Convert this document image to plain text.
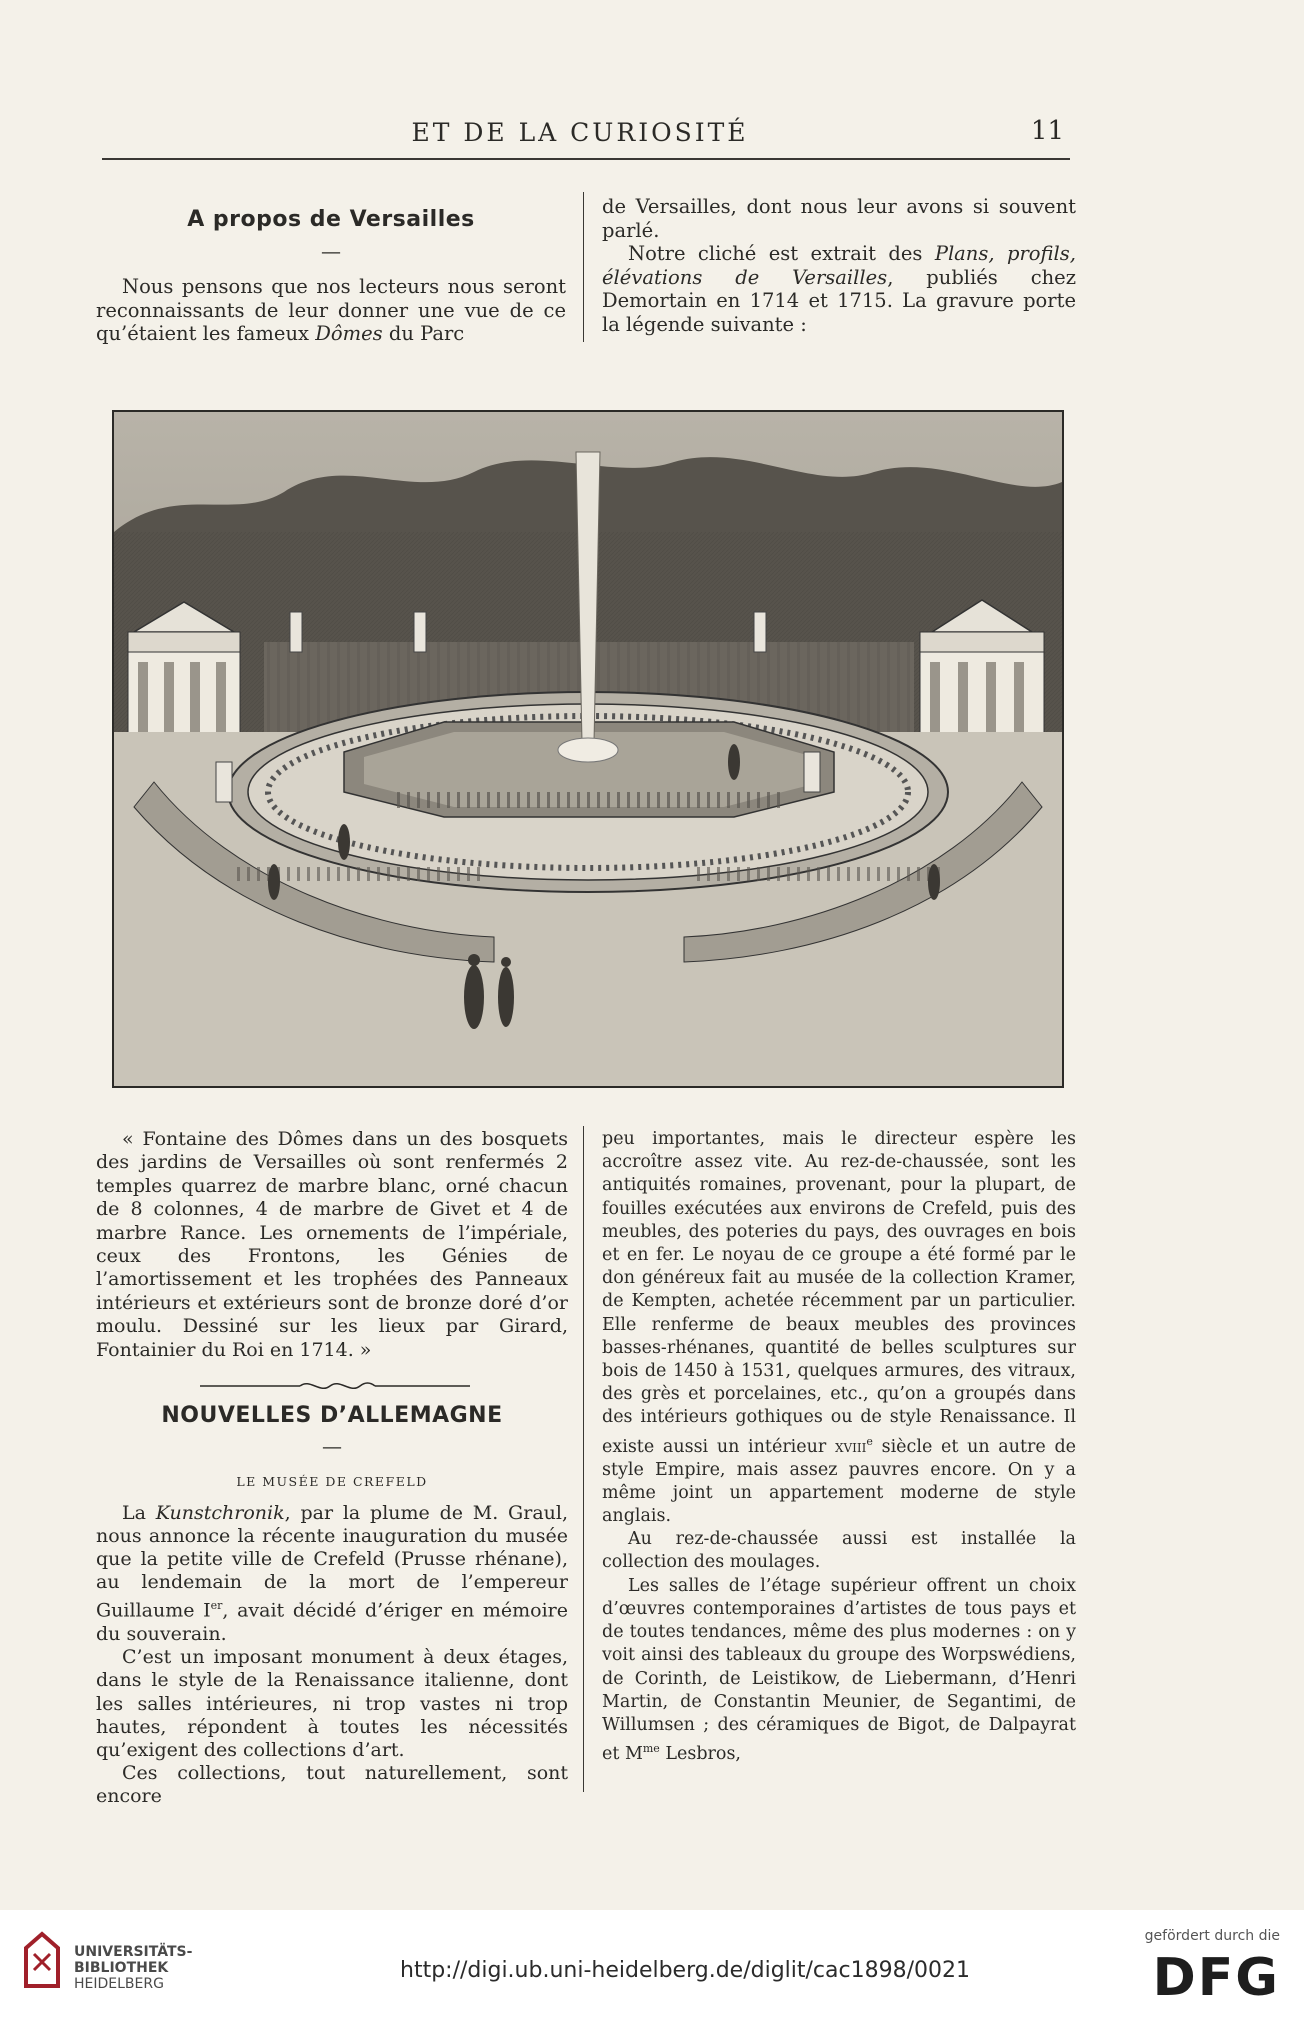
ET DE LA CURIOSITÉ	11
A propos de Versailles
—

Nous pensons que nos lecteurs nous seront reconnaissants de leur donner une vue de ce qu’étaient les fameux Dômes du Parc

de Versailles, dont nous leur avons si souvent parlé.

Notre cliché est extrait des Plans, profils, élévations de Versailles, publiés chez Demortain en 1714 et 1715. La gravure porte la légende suivante :

« Fontaine des Dômes dans un des bosquets des jardins de Versailles où sont renfermés 2 temples quarrez de marbre blanc, orné chacun de 8 colonnes, 4 de marbre de Givet et 4 de marbre Rance. Les ornements de l’impériale, ceux des Frontons, les Génies de l’amortissement et les trophées des Panneaux intérieurs et extérieurs sont de bronze doré d’or moulu. Dessiné sur les lieux par Girard, Fontainier du Roi en 1714. »

NOUVELLES D’ALLEMAGNE
—
LE MUSÉE DE CREFELD

La Kunstchronik, par la plume de M. Graul, nous annonce la récente inauguration du musée que la petite ville de Crefeld (Prusse rhénane), au lendemain de la mort de l’empereur Guillaume Ier, avait décidé d’ériger en mémoire du souverain.

C’est un imposant monument à deux étages, dans le style de la Renaissance italienne, dont les salles intérieures, ni trop vastes ni trop hautes, répondent à toutes les nécessités qu’exigent des collections d’art.

Ces collections, tout naturellement, sont encore

peu importantes, mais le directeur espère les accroître assez vite. Au rez-de-chaussée, sont les antiquités romaines, provenant, pour la plupart, de fouilles exécutées aux environs de Crefeld, puis des meubles, des poteries du pays, des ouvrages en bois et en fer. Le noyau de ce groupe a été formé par le don généreux fait au musée de la collection Kramer, de Kempten, achetée récemment par un particulier. Elle renferme de beaux meubles des provinces basses-rhénanes, quantité de belles sculptures sur bois de 1450 à 1531, quelques armures, des vitraux, des grès et porcelaines, etc., qu’on a groupés dans des intérieurs gothiques ou de style Renaissance. Il existe aussi un intérieur xviii$^e$ siècle et un autre de style Empire, mais assez pauvres encore. On y a même joint un appartement moderne de style anglais.

Au rez-de-chaussée aussi est installée la collection des moulages.

Les salles de l’étage supérieur offrent un choix d’œuvres contemporaines d’artistes de tous pays et de toutes tendances, même des plus modernes : on y voit ainsi des tableaux du groupe des Worpswédiens, de Corinth, de Leistikow, de Liebermann, d’Henri Martin, de Constantin Meunier, de Segantimi, de Willumsen ; des céramiques de Bigot, de Dalpayrat et $M^{me}$ Lesbros,

UNIVERSITÄTS-
BIBLIOTHEK
HEIDELBERG
http://digi.ub.uni-heidelberg.de/diglit/cac1898/0021
gefördert durch die
DFG
